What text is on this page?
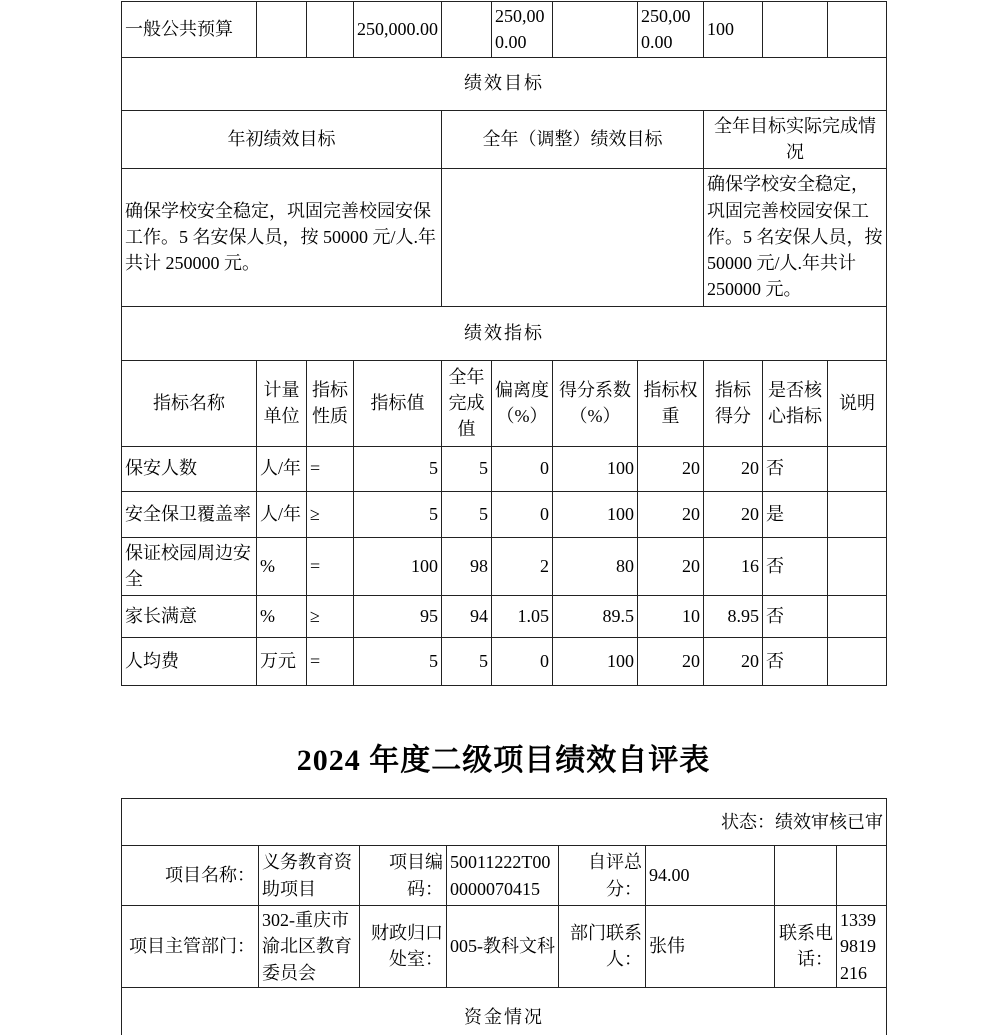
一般公共预算			250,000.00		250,000.00		250,000.00	100		
绩效目标										
年初绩效目标				全年（调整）绩效目标				全年目标实际完成情况		
确保学校安全稳定，巩固完善校园安保工作。5 名安保人员，按 50000 元/人.年共计 250000 元。								确保学校安全稳定，巩固完善校园安保工作。5 名安保人员，按 50000 元/人.年共计 250000 元。		
绩效指标										
指标名称	计量单位	指标性质	指标值	全年完成值	偏离度（%）	得分系数（%）	指标权重	指标得分	是否核心指标	说明
保安人数	人/年	=	5	5	0	100	20	20	否	
安全保卫覆盖率	人/年	≥	5	5	0	100	20	20	是	
保证校园周边安全	%	=	100	98	2	80	20	16	否	
家长满意	%	≥	95	94	1.05	89.5	10	8.95	否	
人均费	万元	=	5	5	0	100	20	20	否	
2024 年度二级项目绩效自评表
状态：绩效审核已审							
项目名称：	义务教育资助项目	项目编码：	50011222T000000070415	自评总分：	94.00		
项目主管部门：	302-重庆市渝北区教育委员会	财政归口处室：	005-教科文科	部门联系人：	张伟	联系电话：	13399819216
资金情况							
